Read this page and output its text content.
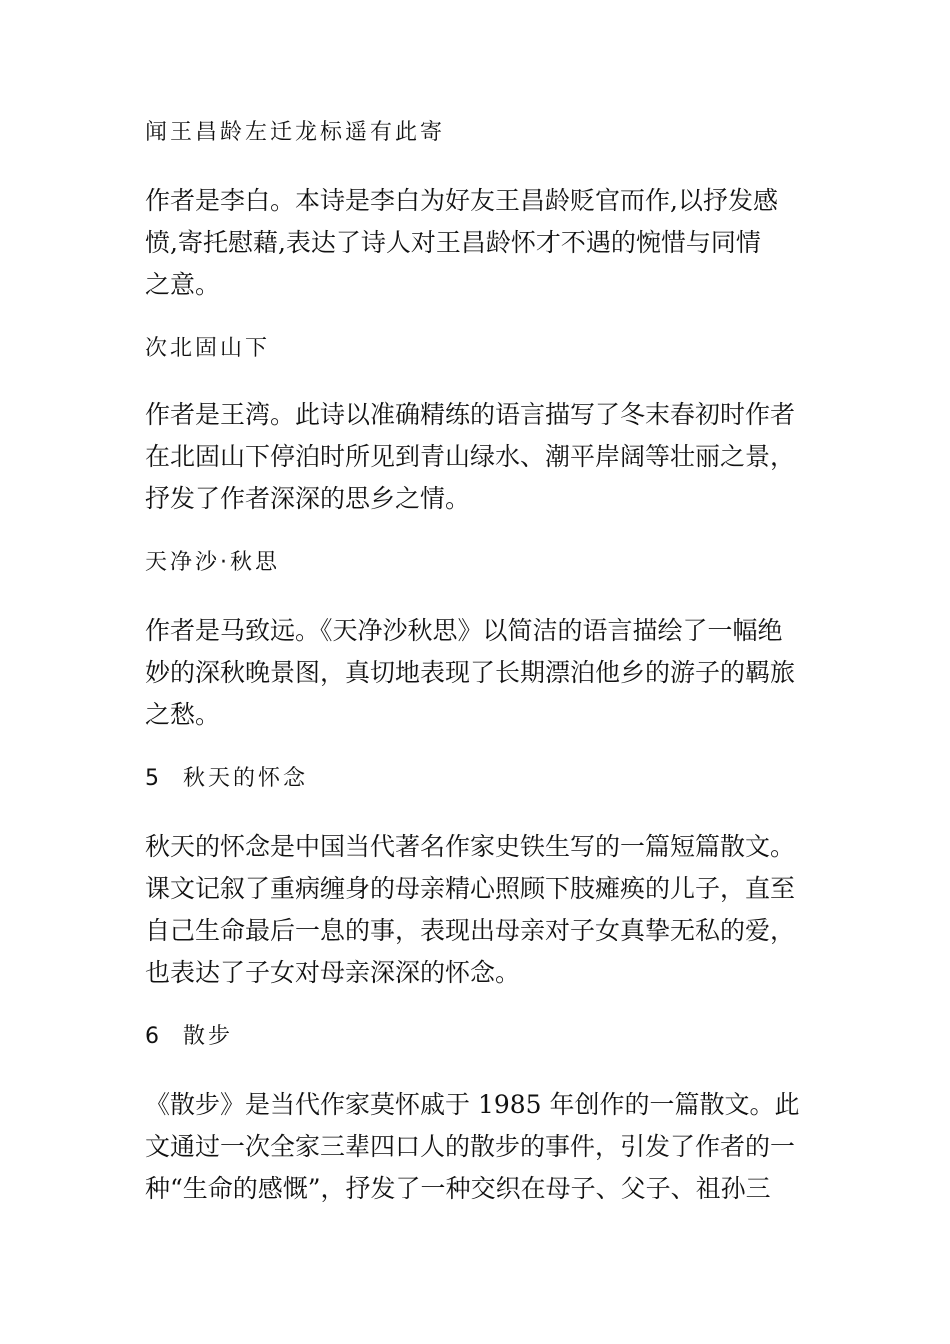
闻王昌龄左迁龙标遥有此寄
作者是李白。本诗是李白为好友王昌龄贬官而作,以抒发感
愤,寄托慰藉,表达了诗人对王昌龄怀才不遇的惋惜与同情
之意。
次北固山下
作者是王湾。此诗以准确精练的语言描写了冬末春初时作者
在北固山下停泊时所见到青山绿水、潮平岸阔等壮丽之景，
抒发了作者深深的思乡之情。
天净沙·秋思
作者是马致远。《天净沙秋思》以简洁的语言描绘了一幅绝
妙的深秋晚景图，真切地表现了长期漂泊他乡的游子的羁旅
之愁。
5 秋天的怀念
秋天的怀念是中国当代著名作家史铁生写的一篇短篇散文。
课文记叙了重病缠身的母亲精心照顾下肢瘫痪的儿子，直至
自己生命最后一息的事，表现出母亲对子女真挚无私的爱，
也表达了子女对母亲深深的怀念。
6 散步
《散步》是当代作家莫怀戚于 1985 年创作的一篇散文。此
文通过一次全家三辈四口人的散步的事件，引发了作者的一
种“生命的感慨”，抒发了一种交织在母子、父子、祖孙三
